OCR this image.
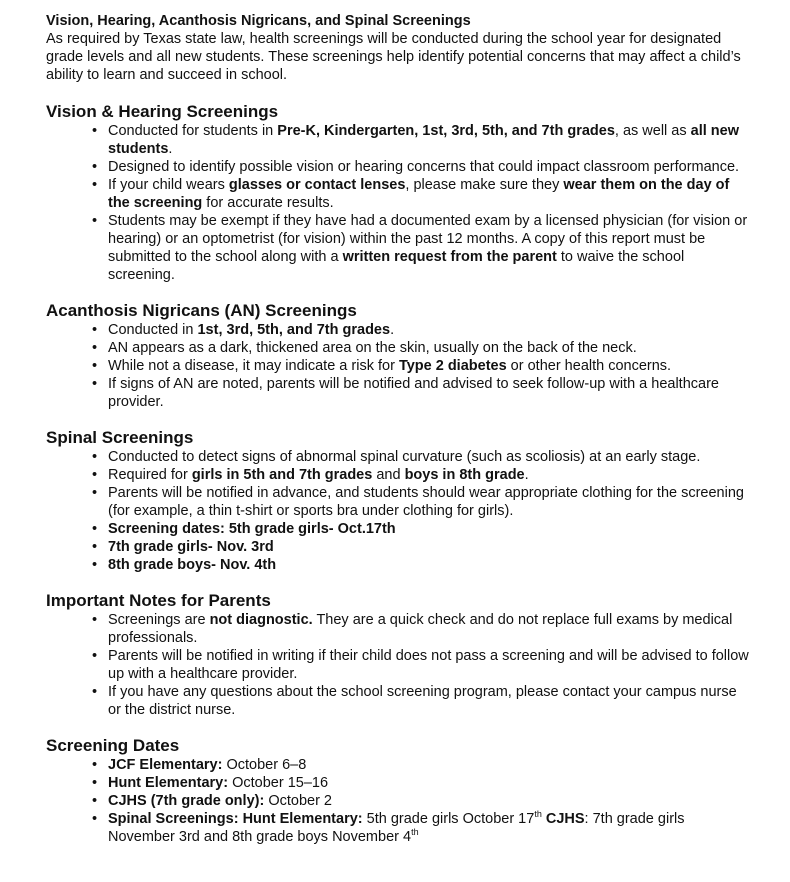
Vision, Hearing, Acanthosis Nigricans, and Spinal Screenings

As required by Texas state law, health screenings will be conducted during the school year for designated grade levels and all new students. These screenings help identify potential concerns that may affect a child’s ability to learn and succeed in school.

Vision & Hearing Screenings
• Conducted for students in Pre-K, Kindergarten, 1st, 3rd, 5th, and 7th grades, as well as all new students.
• Designed to identify possible vision or hearing concerns that could impact classroom performance.
• If your child wears glasses or contact lenses, please make sure they wear them on the day of the screening for accurate results.
• Students may be exempt if they have had a documented exam by a licensed physician (for vision or hearing) or an optometrist (for vision) within the past 12 months. A copy of this report must be submitted to the school along with a written request from the parent to waive the school screening.
Acanthosis Nigricans (AN) Screenings
• Conducted in 1st, 3rd, 5th, and 7th grades.
• AN appears as a dark, thickened area on the skin, usually on the back of the neck.
• While not a disease, it may indicate a risk for Type 2 diabetes or other health concerns.
• If signs of AN are noted, parents will be notified and advised to seek follow-up with a healthcare provider.
Spinal Screenings
• Conducted to detect signs of abnormal spinal curvature (such as scoliosis) at an early stage.
• Required for girls in 5th and 7th grades and boys in 8th grade.
• Parents will be notified in advance, and students should wear appropriate clothing for the screening (for example, a thin t-shirt or sports bra under clothing for girls).
• Screening dates: 5th grade girls- Oct.17th
• 7th grade girls- Nov. 3rd
• 8th grade boys- Nov. 4th
Important Notes for Parents
• Screenings are not diagnostic. They are a quick check and do not replace full exams by medical professionals.
• Parents will be notified in writing if their child does not pass a screening and will be advised to follow up with a healthcare provider.
• If you have any questions about the school screening program, please contact your campus nurse or the district nurse.
Screening Dates
• JCF Elementary: October 6–8
• Hunt Elementary: October 15–16
• CJHS (7th grade only): October 2
• Spinal Screenings: Hunt Elementary: 5th grade girls October 17th CJHS: 7th grade girls November 3rd and 8th grade boys November 4th
